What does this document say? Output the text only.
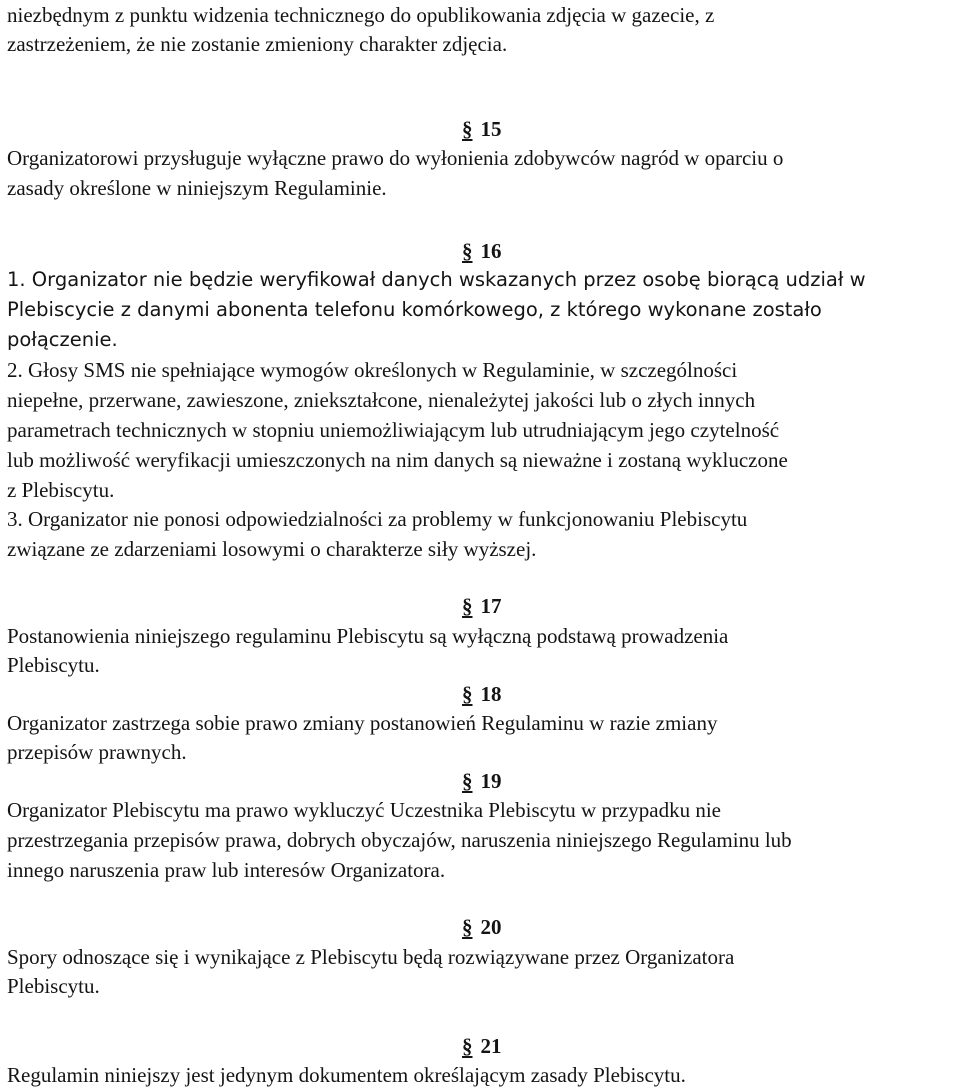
niezbędnym z punktu widzenia technicznego do opublikowania zdjęcia w gazecie, z
zastrzeżeniem, że nie zostanie zmieniony charakter zdjęcia.
§ 15
Organizatorowi przysługuje wyłączne prawo do wyłonienia zdobywców nagród w oparciu o
zasady określone w niniejszym Regulaminie.
§ 16
1. Organizator nie będzie weryfikował danych wskazanych przez osobę biorącą udział w
Plebiscycie z danymi abonenta telefonu komórkowego, z którego wykonane zostało
połączenie.
2. Głosy SMS nie spełniające wymogów określonych w Regulaminie, w szczególności
niepełne, przerwane, zawieszone, zniekształcone, nienależytej jakości lub o złych innych
parametrach technicznych w stopniu uniemożliwiającym lub utrudniającym jego czytelność
lub możliwość weryfikacji umieszczonych na nim danych są nieważne i zostaną wykluczone
z Plebiscytu.
3. Organizator nie ponosi odpowiedzialności za problemy w funkcjonowaniu Plebiscytu
związane ze zdarzeniami losowymi o charakterze siły wyższej.
§ 17
Postanowienia niniejszego regulaminu Plebiscytu są wyłączną podstawą prowadzenia
Plebiscytu.
§ 18
Organizator zastrzega sobie prawo zmiany postanowień Regulaminu w razie zmiany
przepisów prawnych.
§ 19
Organizator Plebiscytu ma prawo wykluczyć Uczestnika Plebiscytu w przypadku nie
przestrzegania przepisów prawa, dobrych obyczajów, naruszenia niniejszego Regulaminu lub
innego naruszenia praw lub interesów Organizatora.
§ 20
Spory odnoszące się i wynikające z Plebiscytu będą rozwiązywane przez Organizatora
Plebiscytu.
§ 21
Regulamin niniejszy jest jedynym dokumentem określającym zasady Plebiscytu.
